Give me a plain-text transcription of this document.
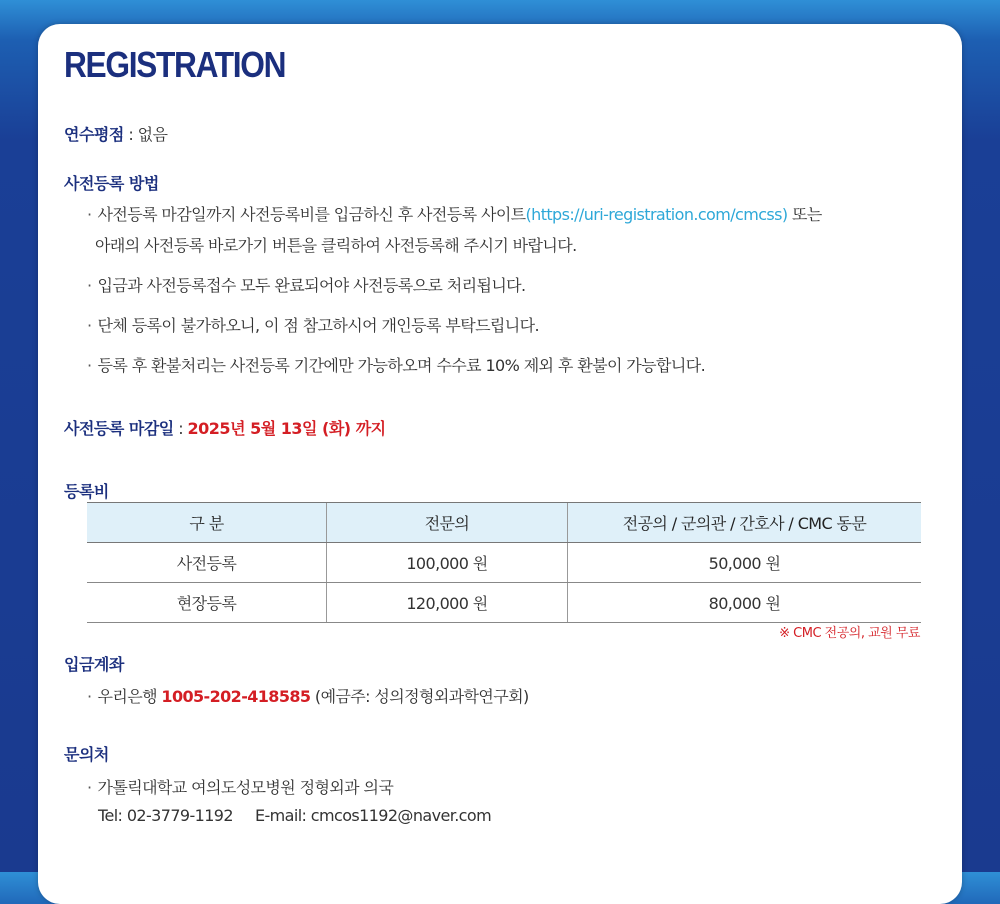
REGISTRATION
연수평점 : 없음
사전등록 방법
· 사전등록 마감일까지 사전등록비를 입금하신 후 사전등록 사이트(https://uri-registration.com/cmcss) 또는
아래의 사전등록 바로가기 버튼을 클릭하여 사전등록해 주시기 바랍니다.
· 입금과 사전등록접수 모두 완료되어야 사전등록으로 처리됩니다.
· 단체 등록이 불가하오니, 이 점 참고하시어 개인등록 부탁드립니다.
· 등록 후 환불처리는 사전등록 기간에만 가능하오며 수수료 10% 제외 후 환불이 가능합니다.
사전등록 마감일 : 2025년 5월 13일 (화) 까지
등록비
구 분	전문의	전공의 / 군의관 / 간호사 / CMC 동문
사전등록	100,000 원	50,000 원
현장등록	120,000 원	80,000 원
※ CMC 전공의, 교원 무료
입금계좌
· 우리은행 1005-202-418585 (예금주: 성의정형외과학연구회)
문의처
· 가톨릭대학교 여의도성모병원 정형외과 의국
Tel: 02-3779-1192 E-mail: cmcos1192@naver.com
